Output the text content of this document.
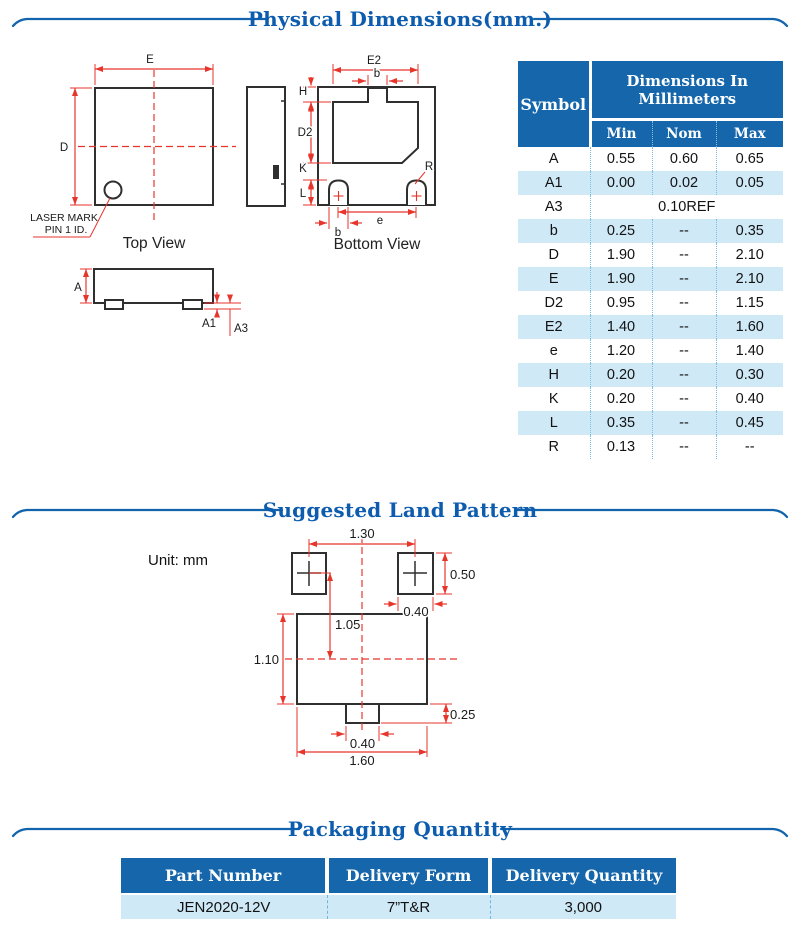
E
D
LASER MARK
PIN 1 ID.
Top View
E2
b
H
D2
K
L
e
b
R
Bottom View
A
A1 A3
Unit: mm
1.30
0.50
0.40
1.10
1.05
0.25
0.40
1.60
Physical Dimensions(mm.)
Suggested Land Pattern
Packaging Quantity
Symbol	Dimensions In Millimeters		
	Min	Nom	Max
A	0.55	0.60	0.65
A1	0.00	0.02	0.05
A3	0.10REF		
b	0.25	--	0.35
D	1.90	--	2.10
E	1.90	--	2.10
D2	0.95	--	1.15
E2	1.40	--	1.60
e	1.20	--	1.40
H	0.20	--	0.30
K	0.20	--	0.40
L	0.35	--	0.45
R	0.13	--	--
Part Number	Delivery Form	Delivery Quantity
JEN2020-12V	7”T&R	3,000
